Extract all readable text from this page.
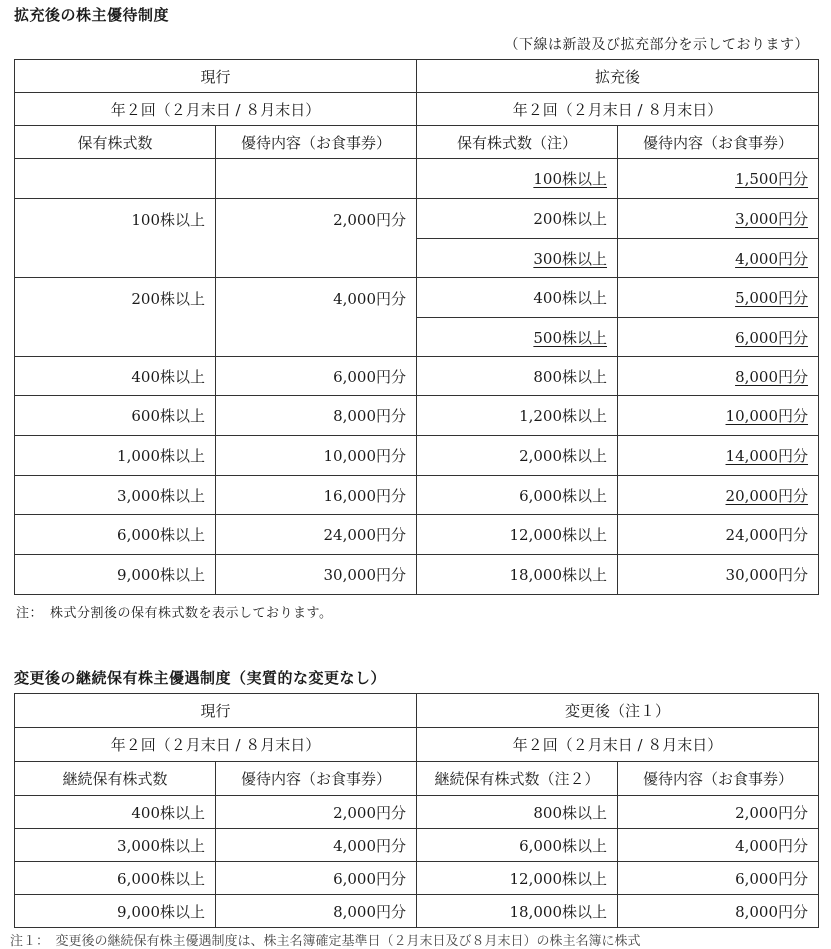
拡充後の株主優待制度
（下線は新設及び拡充部分を示しております）
現行		拡充後	
年２回（２月末日 / ８月末日）		年２回（２月末日 / ８月末日）	
保有株式数	優待内容（お食事券）	保有株式数（注）	優待内容（お食事券）
		100株以上	1,500円分
100株以上	2,000円分	200株以上	3,000円分
		300株以上	4,000円分
200株以上	4,000円分	400株以上	5,000円分
		500株以上	6,000円分
400株以上	6,000円分	800株以上	8,000円分
600株以上	8,000円分	1,200株以上	10,000円分
1,000株以上	10,000円分	2,000株以上	14,000円分
3,000株以上	16,000円分	6,000株以上	20,000円分
6,000株以上	24,000円分	12,000株以上	24,000円分
9,000株以上	30,000円分	18,000株以上	30,000円分
注：　株式分割後の保有株式数を表示しております。
変更後の継続保有株主優遇制度（実質的な変更なし）
現行		変更後（注１）	
年２回（２月末日 / ８月末日）		年２回（２月末日 / ８月末日）	
継続保有株式数	優待内容（お食事券）	継続保有株式数（注２）	優待内容（お食事券）
400株以上	2,000円分	800株以上	2,000円分
3,000株以上	4,000円分	6,000株以上	4,000円分
6,000株以上	6,000円分	12,000株以上	6,000円分
9,000株以上	8,000円分	18,000株以上	8,000円分
注１：　変更後の継続保有株主優遇制度は、株主名簿確定基準日（２月末日及び８月末日）の株主名簿に株式
